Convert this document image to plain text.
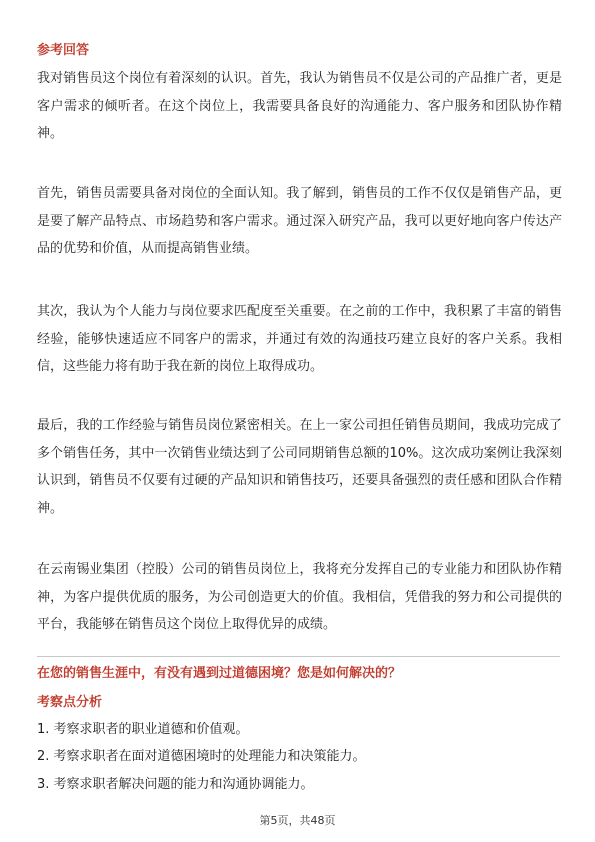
参考回答

我对销售员这个岗位有着深刻的认识。首先，我认为销售员不仅是公司的产品推广者，更是客户需求的倾听者。在这个岗位上，我需要具备良好的沟通能力、客户服务和团队协作精神。

首先，销售员需要具备对岗位的全面认知。我了解到，销售员的工作不仅仅是销售产品，更是要了解产品特点、市场趋势和客户需求。通过深入研究产品，我可以更好地向客户传达产品的优势和价值，从而提高销售业绩。

其次，我认为个人能力与岗位要求匹配度至关重要。在之前的工作中，我积累了丰富的销售经验，能够快速适应不同客户的需求，并通过有效的沟通技巧建立良好的客户关系。我相信，这些能力将有助于我在新的岗位上取得成功。

最后，我的工作经验与销售员岗位紧密相关。在上一家公司担任销售员期间，我成功完成了多个销售任务，其中一次销售业绩达到了公司同期销售总额的10%。这次成功案例让我深刻认识到，销售员不仅要有过硬的产品知识和销售技巧，还要具备强烈的责任感和团队合作精神。

在云南锡业集团（控股）公司的销售员岗位上，我将充分发挥自己的专业能力和团队协作精神，为客户提供优质的服务，为公司创造更大的价值。我相信，凭借我的努力和公司提供的平台，我能够在销售员这个岗位上取得优异的成绩。

在您的销售生涯中，有没有遇到过道德困境？您是如何解决的？
考察点分析
1. 考察求职者的职业道德和价值观。
2. 考察求职者在面对道德困境时的处理能力和决策能力。
3. 考察求职者解决问题的能力和沟通协调能力。
第5页，共48页
